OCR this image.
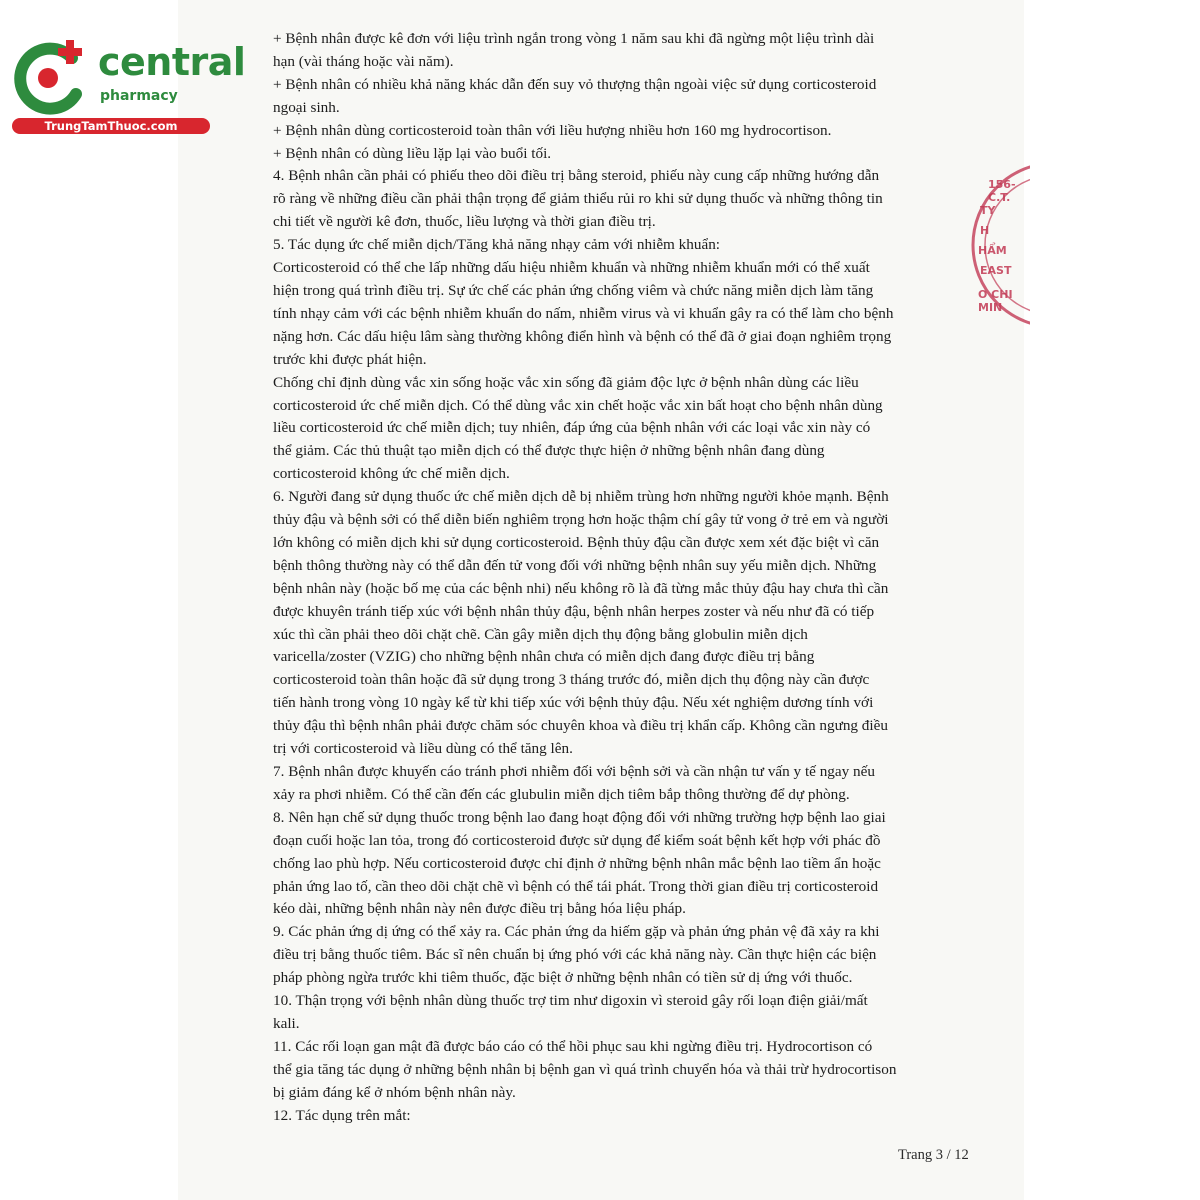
central
pharmacy
TrungTamThuoc.com
156-C.T.
TY
H
HẨM
EAST
O CHI MIN
+ Bệnh nhân được kê đơn với liệu trình ngắn trong vòng 1 năm sau khi đã ngừng một liệu trình dài
hạn (vài tháng hoặc vài năm).
+ Bệnh nhân có nhiều khả năng khác dẫn đến suy vỏ thượng thận ngoài việc sử dụng corticosteroid
ngoại sinh.
+ Bệnh nhân dùng corticosteroid toàn thân với liều hượng nhiều hơn 160 mg hydrocortison.
+ Bệnh nhân có dùng liều lặp lại vào buổi tối.
4. Bệnh nhân cần phải có phiếu theo dõi điều trị bằng steroid, phiếu này cung cấp những hướng dẫn
rõ ràng về những điều cần phải thận trọng để giảm thiểu rủi ro khi sử dụng thuốc và những thông tin
chi tiết về người kê đơn, thuốc, liều lượng và thời gian điều trị.
5. Tác dụng ức chế miễn dịch/Tăng khả năng nhạy cảm với nhiễm khuẩn:
Corticosteroid có thể che lấp những dấu hiệu nhiễm khuẩn và những nhiễm khuẩn mới có thể xuất
hiện trong quá trình điều trị. Sự ức chế các phản ứng chống viêm và chức năng miễn dịch làm tăng
tính nhạy cảm với các bệnh nhiễm khuẩn do nấm, nhiễm virus và vi khuẩn gây ra có thể làm cho bệnh
nặng hơn. Các dấu hiệu lâm sàng thường không điển hình và bệnh có thể đã ở giai đoạn nghiêm trọng
trước khi được phát hiện.
Chống chỉ định dùng vắc xin sống hoặc vắc xin sống đã giảm độc lực ở bệnh nhân dùng các liều
corticosteroid ức chế miễn dịch. Có thể dùng vắc xin chết hoặc vắc xin bất hoạt cho bệnh nhân dùng
liều corticosteroid ức chế miễn dịch; tuy nhiên, đáp ứng của bệnh nhân với các loại vắc xin này có
thể giảm. Các thủ thuật tạo miễn dịch có thể được thực hiện ở những bệnh nhân đang dùng
corticosteroid không ức chế miễn dịch.
6. Người đang sử dụng thuốc ức chế miễn dịch dễ bị nhiễm trùng hơn những người khỏe mạnh. Bệnh
thủy đậu và bệnh sởi có thể diễn biến nghiêm trọng hơn hoặc thậm chí gây tử vong ở trẻ em và người
lớn không có miễn dịch khi sử dụng corticosteroid. Bệnh thủy đậu cần được xem xét đặc biệt vì căn
bệnh thông thường này có thể dẫn đến tử vong đối với những bệnh nhân suy yếu miễn dịch. Những
bệnh nhân này (hoặc bố mẹ của các bệnh nhi) nếu không rõ là đã từng mắc thủy đậu hay chưa thì cần
được khuyên tránh tiếp xúc với bệnh nhân thủy đậu, bệnh nhân herpes zoster và nếu như đã có tiếp
xúc thì cần phải theo dõi chặt chẽ. Cần gây miễn dịch thụ động bằng globulin miễn dịch
varicella/zoster (VZIG) cho những bệnh nhân chưa có miễn dịch đang được điều trị bằng
corticosteroid toàn thân hoặc đã sử dụng trong 3 tháng trước đó, miễn dịch thụ động này cần được
tiến hành trong vòng 10 ngày kể từ khi tiếp xúc với bệnh thủy đậu. Nếu xét nghiệm dương tính với
thủy đậu thì bệnh nhân phải được chăm sóc chuyên khoa và điều trị khẩn cấp. Không cần ngưng điều
trị với corticosteroid và liều dùng có thể tăng lên.
7. Bệnh nhân được khuyến cáo tránh phơi nhiễm đối với bệnh sởi và cần nhận tư vấn y tế ngay nếu
xảy ra phơi nhiễm. Có thể cần đến các glubulin miễn dịch tiêm bắp thông thường để dự phòng.
8. Nên hạn chế sử dụng thuốc trong bệnh lao đang hoạt động đối với những trường hợp bệnh lao giai
đoạn cuối hoặc lan tỏa, trong đó corticosteroid được sử dụng để kiểm soát bệnh kết hợp với phác đồ
chống lao phù hợp. Nếu corticosteroid được chỉ định ở những bệnh nhân mắc bệnh lao tiềm ẩn hoặc
phản ứng lao tố, cần theo dõi chặt chẽ vì bệnh có thể tái phát. Trong thời gian điều trị corticosteroid
kéo dài, những bệnh nhân này nên được điều trị bằng hóa liệu pháp.
9. Các phản ứng dị ứng có thể xảy ra. Các phản ứng da hiếm gặp và phản ứng phản vệ đã xảy ra khi
điều trị bằng thuốc tiêm. Bác sĩ nên chuẩn bị ứng phó với các khả năng này. Cần thực hiện các biện
pháp phòng ngừa trước khi tiêm thuốc, đặc biệt ở những bệnh nhân có tiền sử dị ứng với thuốc.
10. Thận trọng với bệnh nhân dùng thuốc trợ tim như digoxin vì steroid gây rối loạn điện giải/mất
kali.
11. Các rối loạn gan mật đã được báo cáo có thể hồi phục sau khi ngừng điều trị. Hydrocortison có
thể gia tăng tác dụng ở những bệnh nhân bị bệnh gan vì quá trình chuyển hóa và thải trừ hydrocortison
bị giảm đáng kể ở nhóm bệnh nhân này.
12. Tác dụng trên mắt:
Trang 3 / 12
